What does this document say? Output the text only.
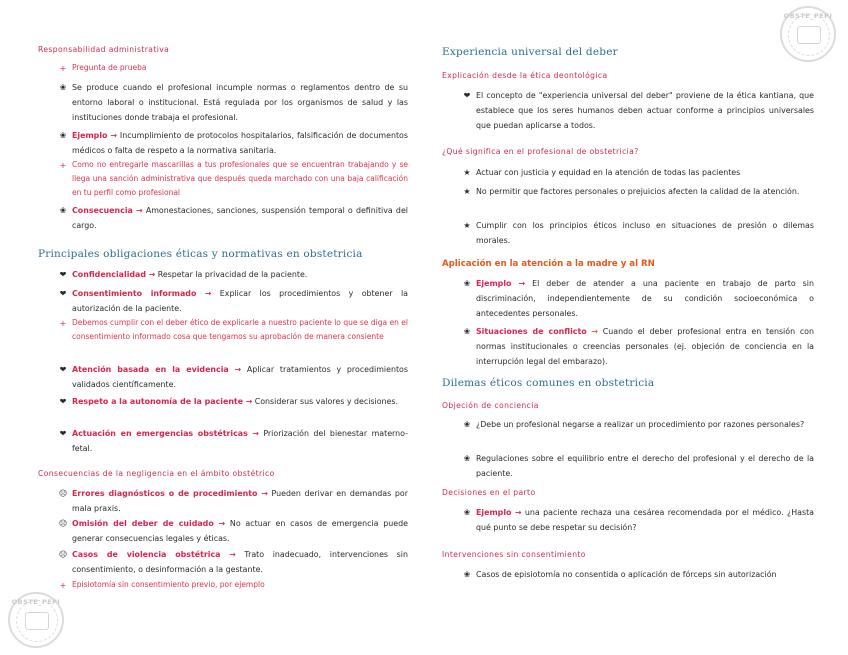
OBSTE_PEPI
OBSTE_PEPI
Responsabilidad administrativa
+ Pregunta de prueba
❀ Se produce cuando el profesional incumple normas o reglamentos dentro de su entorno laboral o institucional. Está regulada por los organismos de salud y las instituciones donde trabaja el profesional.
❀ Ejemplo → Incumplimiento de protocolos hospitalarios, falsificación de documentos médicos o falta de respeto a la normativa sanitaria.
+ Como no entregarle mascarillas a tus profesionales que se encuentran trabajando y se llega una sanción administrativa que después queda marchado con una baja calificación en tu perfil como profesional
❀ Consecuencia → Amonestaciones, sanciones, suspensión temporal o definitiva del cargo.
Principales obligaciones éticas y normativas en obstetricia
❤ Confidencialidad → Respetar la privacidad de la paciente.
❤ Consentimiento informado → Explicar los procedimientos y obtener la autorización de la paciente.
+ Debemos cumplir con el deber ético de explicarle a nuestro paciente lo que se diga en el consentimiento informado cosa que tengamos su aprobación de manera consiente
❤ Atención basada en la evidencia → Aplicar tratamientos y procedimientos validados científicamente.
❤ Respeto a la autonomía de la paciente → Considerar sus valores y decisiones.
❤ Actuación en emergencias obstétricas → Priorización del bienestar materno-fetal.
Consecuencias de la negligencia en el ámbito obstétrico
☹ Errores diagnósticos o de procedimiento → Pueden derivar en demandas por mala praxis.
☹ Omisión del deber de cuidado → No actuar en casos de emergencia puede generar consecuencias legales y éticas.
☹ Casos de violencia obstétrica → Trato inadecuado, intervenciones sin consentimiento, o desinformación a la gestante.
+ Episiotomía sin consentimiento previo, por ejemplo
Experiencia universal del deber
Explicación desde la ética deontológica
❤ El concepto de "experiencia universal del deber" proviene de la ética kantiana, que establece que los seres humanos deben actuar conforme a principios universales que puedan aplicarse a todos.
¿Qué significa en el profesional de obstetricia?
★ Actuar con justicia y equidad en la atención de todas las pacientes
★ No permitir que factores personales o prejuicios afecten la calidad de la atención.
★ Cumplir con los principios éticos incluso en situaciones de presión o dilemas morales.
Aplicación en la atención a la madre y al RN
❀ Ejemplo → El deber de atender a una paciente en trabajo de parto sin discriminación, independientemente de su condición socioeconómica o antecedentes personales.
❀ Situaciones de conflicto → Cuando el deber profesional entra en tensión con normas institucionales o creencias personales (ej. objeción de conciencia en la interrupción legal del embarazo).
Dilemas éticos comunes en obstetricia
Objeción de conciencia
❀ ¿Debe un profesional negarse a realizar un procedimiento por razones personales?
❀ Regulaciones sobre el equilibrio entre el derecho del profesional y el derecho de la paciente.
Decisiones en el parto
❀ Ejemplo → una paciente rechaza una cesárea recomendada por el médico. ¿Hasta qué punto se debe respetar su decisión?
Intervenciones sin consentimiento
❀ Casos de episiotomía no consentida o aplicación de fórceps sin autorización
